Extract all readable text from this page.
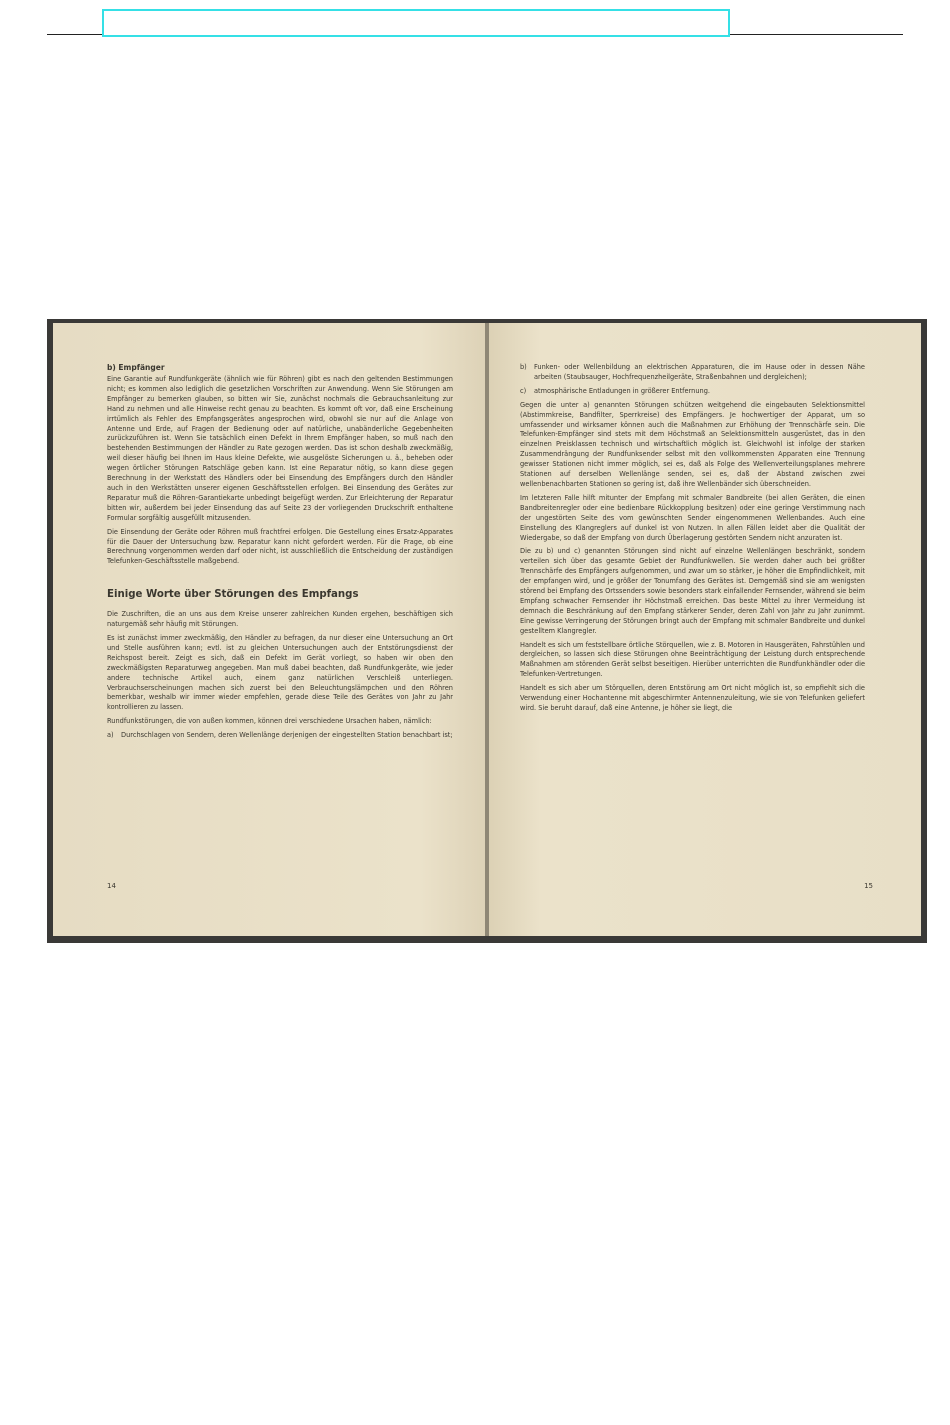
b) Empfänger
Eine Garantie auf Rundfunkgeräte (ähnlich wie für Röhren) gibt es nach den geltenden Bestimmungen nicht; es kommen also lediglich die gesetzlichen Vorschriften zur Anwendung. Wenn Sie Störungen am Empfänger zu bemerken glauben, so bitten wir Sie, zunächst nochmals die Gebrauchsanleitung zur Hand zu nehmen und alle Hinweise recht genau zu beachten. Es kommt oft vor, daß eine Erscheinung irrtümlich als Fehler des Empfangsgerätes angesprochen wird, obwohl sie nur auf die Anlage von Antenne und Erde, auf Fragen der Bedienung oder auf natürliche, unabänderliche Gegebenheiten zurückzuführen ist. Wenn Sie tatsächlich einen Defekt in Ihrem Empfänger haben, so muß nach den bestehenden Bestimmungen der Händler zu Rate gezogen werden. Das ist schon deshalb zweckmäßig, weil dieser häufig bei Ihnen im Haus kleine Defekte, wie ausgelöste Sicherungen u. ä., beheben oder wegen örtlicher Störungen Ratschläge geben kann. Ist eine Reparatur nötig, so kann diese gegen Berechnung in der Werkstatt des Händlers oder bei Einsendung des Empfängers durch den Händler auch in den Werkstätten unserer eigenen Geschäftsstellen erfolgen. Bei Einsendung des Gerätes zur Reparatur muß die Röhren-Garantiekarte unbedingt beigefügt werden. Zur Erleichterung der Reparatur bitten wir, außerdem bei jeder Einsendung das auf Seite 23 der vorliegenden Druckschrift enthaltene Formular sorgfältig ausgefüllt mitzusenden.
Die Einsendung der Geräte oder Röhren muß frachtfrei erfolgen. Die Gestellung eines Ersatz-Apparates für die Dauer der Untersuchung bzw. Reparatur kann nicht gefordert werden. Für die Frage, ob eine Berechnung vorgenommen werden darf oder nicht, ist ausschließlich die Entscheidung der zuständigen Telefunken-Geschäftsstelle maßgebend.
Einige Worte über Störungen des Empfangs
Die Zuschriften, die an uns aus dem Kreise unserer zahlreichen Kunden ergehen, beschäftigen sich naturgemäß sehr häufig mit Störungen.
Es ist zunächst immer zweckmäßig, den Händler zu befragen, da nur dieser eine Untersuchung an Ort und Stelle ausführen kann; evtl. ist zu gleichen Untersuchungen auch der Entstörungsdienst der Reichspost bereit. Zeigt es sich, daß ein Defekt im Gerät vorliegt, so haben wir oben den zweckmäßigsten Reparaturweg angegeben. Man muß dabei beachten, daß Rundfunkgeräte, wie jeder andere technische Artikel auch, einem ganz natürlichen Verschleiß unterliegen. Verbrauchserscheinungen machen sich zuerst bei den Beleuchtungslämpchen und den Röhren bemerkbar, weshalb wir immer wieder empfehlen, gerade diese Teile des Gerätes von Jahr zu Jahr kontrollieren zu lassen.
Rundfunkstörungen, die von außen kommen, können drei verschiedene Ursachen haben, nämlich:
a)	Durchschlagen von Sendern, deren Wellenlänge derjenigen der eingestellten Station benachbart ist;
14
b)	Funken- oder Wellenbildung an elektrischen Apparaturen, die im Hause oder in dessen Nähe arbeiten (Staubsauger, Hochfrequenzheilgeräte, Straßenbahnen und dergleichen);
c)	atmosphärische Entladungen in größerer Entfernung.
Gegen die unter a) genannten Störungen schützen weitgehend die eingebauten Selektionsmittel (Abstimmkreise, Bandfilter, Sperrkreise) des Empfängers. Je hochwertiger der Apparat, um so umfassender und wirksamer können auch die Maßnahmen zur Erhöhung der Trennschärfe sein. Die Telefunken-Empfänger sind stets mit dem Höchstmaß an Selektionsmitteln ausgerüstet, das in den einzelnen Preisklassen technisch und wirtschaftlich möglich ist. Gleichwohl ist infolge der starken Zusammendrängung der Rundfunksender selbst mit den vollkommensten Apparaten eine Trennung gewisser Stationen nicht immer möglich, sei es, daß als Folge des Wellenverteilungsplanes mehrere Stationen auf derselben Wellenlänge senden, sei es, daß der Abstand zwischen zwei wellenbenachbarten Stationen so gering ist, daß ihre Wellenbänder sich überschneiden.
Im letzteren Falle hilft mitunter der Empfang mit schmaler Bandbreite (bei allen Geräten, die einen Bandbreitenregler oder eine bedienbare Rückkopplung besitzen) oder eine geringe Verstimmung nach der ungestörten Seite des vom gewünschten Sender eingenommenen Wellenbandes. Auch eine Einstellung des Klangreglers auf dunkel ist von Nutzen. In allen Fällen leidet aber die Qualität der Wiedergabe, so daß der Empfang von durch Überlagerung gestörten Sendern nicht anzuraten ist.
Die zu b) und c) genannten Störungen sind nicht auf einzelne Wellenlängen beschränkt, sondern verteilen sich über das gesamte Gebiet der Rundfunkwellen. Sie werden daher auch bei größter Trennschärfe des Empfängers aufgenommen, und zwar um so stärker, je höher die Empfindlichkeit, mit der empfangen wird, und je größer der Tonumfang des Gerätes ist. Demgemäß sind sie am wenigsten störend bei Empfang des Ortssenders sowie besonders stark einfallender Fernsender, während sie beim Empfang schwacher Fernsender ihr Höchstmaß erreichen. Das beste Mittel zu ihrer Vermeidung ist demnach die Beschränkung auf den Empfang stärkerer Sender, deren Zahl von Jahr zu Jahr zunimmt. Eine gewisse Verringerung der Störungen bringt auch der Empfang mit schmaler Bandbreite und dunkel gestelltem Klangregler.
Handelt es sich um feststellbare örtliche Störquellen, wie z. B. Motoren in Hausgeräten, Fahrstühlen und dergleichen, so lassen sich diese Störungen ohne Beeinträchtigung der Leistung durch entsprechende Maßnahmen am störenden Gerät selbst beseitigen. Hierüber unterrichten die Rundfunkhändler oder die Telefunken-Vertretungen.
Handelt es sich aber um Störquellen, deren Entstörung am Ort nicht möglich ist, so empfiehlt sich die Verwendung einer Hochantenne mit abgeschirmter Antennenzuleitung, wie sie von Telefunken geliefert wird. Sie beruht darauf, daß eine Antenne, je höher sie liegt, die
15
